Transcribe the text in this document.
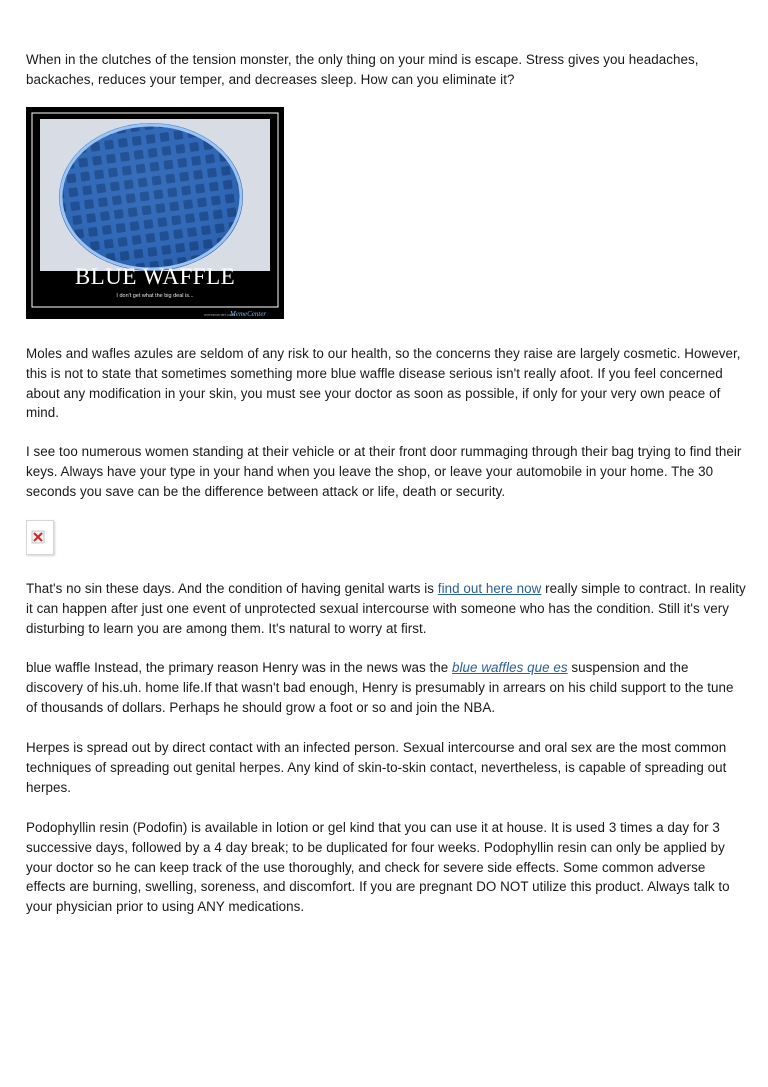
When in the clutches of the tension monster, the only thing on your mind is escape. Stress gives you headaches, backaches, reduces your temper, and decreases sleep. How can you eliminate it?

BLUE WAFFLE
I don't get what the big deal is...
memecenter.com
MemeCenter

Moles and wafles azules are seldom of any risk to our health, so the concerns they raise are largely cosmetic. However, this is not to state that sometimes something more blue waffle disease serious isn't really afoot. If you feel concerned about any modification in your skin, you must see your doctor as soon as possible, if only for your very own peace of mind.

I see too numerous women standing at their vehicle or at their front door rummaging through their bag trying to find their keys. Always have your type in your hand when you leave the shop, or leave your automobile in your home. The 30 seconds you save can be the difference between attack or life, death or security.

That's no sin these days. And the condition of having genital warts is find out here now really simple to contract. In reality it can happen after just one event of unprotected sexual intercourse with someone who has the condition. Still it's very disturbing to learn you are among them. It's natural to worry at first.

blue waffle Instead, the primary reason Henry was in the news was the blue waffles que es suspension and the discovery of his.uh. home life.If that wasn't bad enough, Henry is presumably in arrears on his child support to the tune of thousands of dollars. Perhaps he should grow a foot or so and join the NBA.

Herpes is spread out by direct contact with an infected person. Sexual intercourse and oral sex are the most common techniques of spreading out genital herpes. Any kind of skin-to-skin contact, nevertheless, is capable of spreading out herpes.

Podophyllin resin (Podofin) is available in lotion or gel kind that you can use it at house. It is used 3 times a day for 3 successive days, followed by a 4 day break; to be duplicated for four weeks. Podophyllin resin can only be applied by your doctor so he can keep track of the use thoroughly, and check for severe side effects. Some common adverse effects are burning, swelling, soreness, and discomfort. If you are pregnant DO NOT utilize this product. Always talk to your physician prior to using ANY medications.
